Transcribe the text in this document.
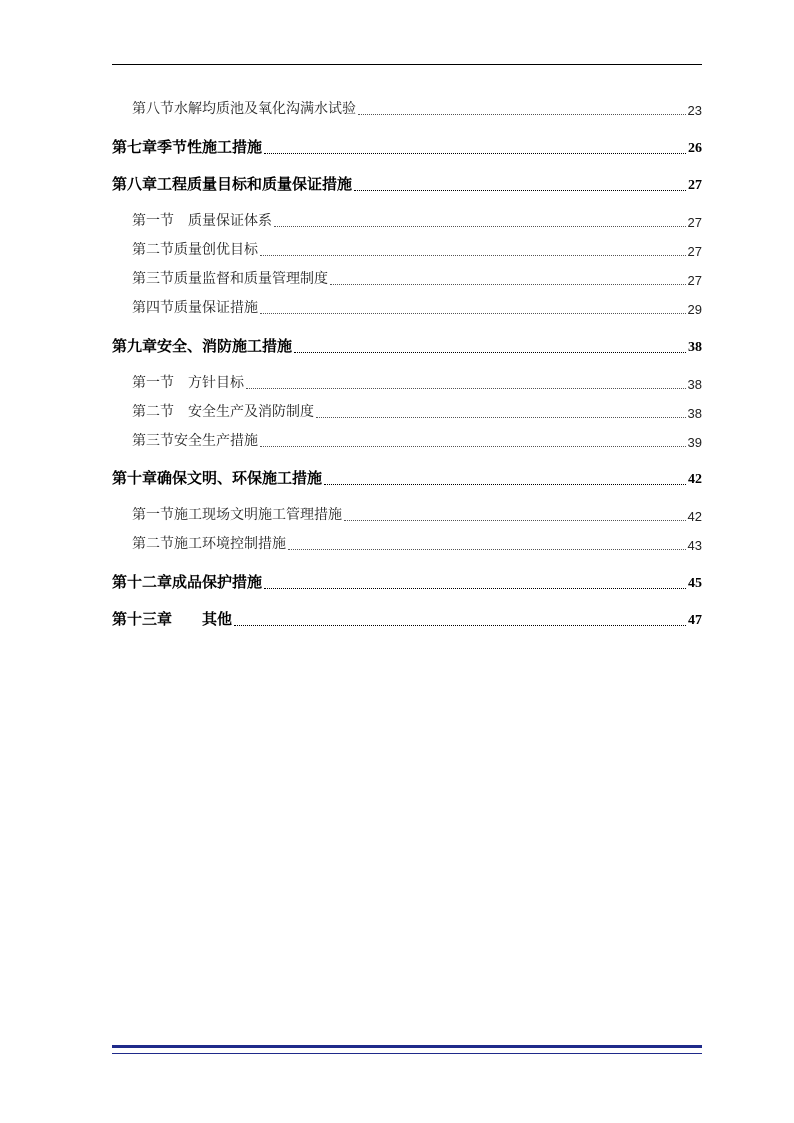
第八节水解均质池及氧化沟满水试验	23
第七章季节性施工措施	26
第八章工程质量目标和质量保证措施	27
第一节　质量保证体系	27
第二节质量创优目标	27
第三节质量监督和质量管理制度	27
第四节质量保证措施	29
第九章安全、消防施工措施	38
第一节　方针目标	38
第二节　安全生产及消防制度	38
第三节安全生产措施	39
第十章确保文明、环保施工措施	42
第一节施工现场文明施工管理措施	42
第二节施工环境控制措施	43
第十二章成品保护措施	45
第十三章　　其他	47
